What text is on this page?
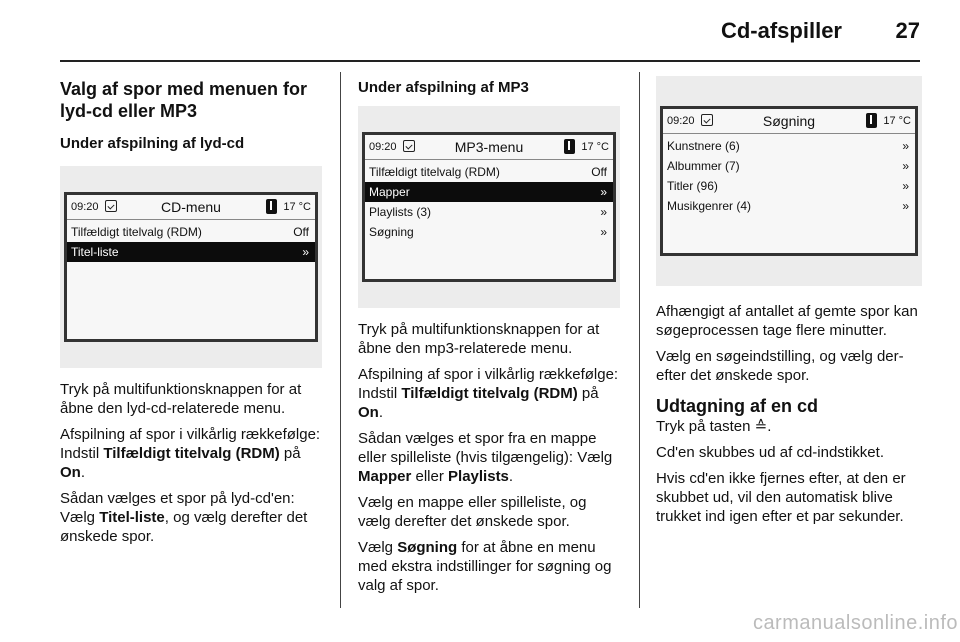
Cd-afspiller 27
Valg af spor med menuen for lyd-cd eller MP3
Under afspilning af lyd-cd
09:20	CD-menu	17 °C
Tilfældigt titelvalg (RDM)	Off
Titel-liste	»

Tryk på multifunktionsknappen for at åbne den lyd-cd-relaterede menu.

Afspilning af spor i vilkårlig rækkefølge: Indstil Tilfældigt titelvalg (RDM) på On.

Sådan vælges et spor på lyd-cd'en: Vælg Titel-liste, og vælg derefter det ønskede spor.

Under afspilning af MP3
09:20	MP3-menu	17 °C
Tilfældigt titelvalg (RDM)	Off
Mapper	»
Playlists (3)	»
Søgning	»

Tryk på multifunktionsknappen for at åbne den mp3-relaterede menu.

Afspilning af spor i vilkårlig rækkefølge: Indstil Tilfældigt titelvalg (RDM) på On.

Sådan vælges et spor fra en mappe eller spilleliste (hvis tilgængelig): Vælg Mapper eller Playlists.

Vælg en mappe eller spilleliste, og vælg derefter det ønskede spor.

Vælg Søgning for at åbne en menu med ekstra indstillinger for søgning og valg af spor.

09:20	Søgning	17 °C
Kunstnere (6)	»
Albummer (7)	»
Titler (96)	»
Musikgenrer (4)	»

Afhængigt af antallet af gemte spor kan søgeprocessen tage flere minutter.

Vælg en søgeindstilling, og vælg derefter det ønskede spor.

Udtagning af en cd

Tryk på tasten ≙.

Cd'en skubbes ud af cd-indstikket.

Hvis cd'en ikke fjernes efter, at den er skubbet ud, vil den automatisk blive trukket ind igen efter et par sekunder.

carmanualsonline.info
